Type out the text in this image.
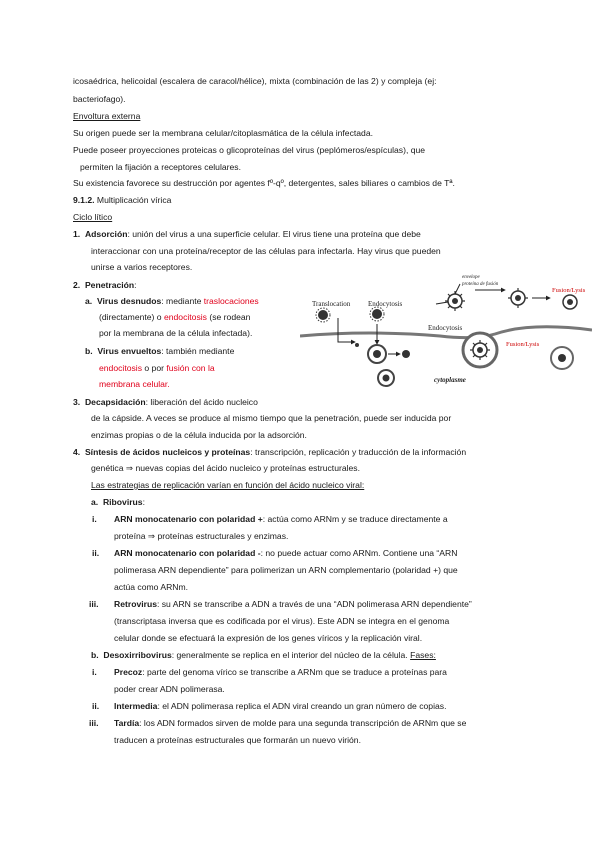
icosaédrica, helicoidal (escalera de caracol/hélice), mixta (combinación de las 2) y compleja (ej:
bacteriofago).
Envoltura externa
Su origen puede ser la membrana celular/citoplasmática de la célula infectada.
Puede poseer proyecciones proteicas o glicoproteínas del virus (peplómeros/espículas), que
permiten la fijación a receptores celulares.
Su existencia favorece su destrucción por agentes fº-qº, detergentes, sales biliares o cambios de Tª.
9.1.2. Multiplicación vírica
Ciclo lítico
1. Adsorción: unión del virus a una superficie celular. El virus tiene una proteína que debe
interaccionar con una proteína/receptor de las células para infectarla. Hay virus que pueden
unirse a varios receptores.
2. Penetración:
a. Virus desnudos: mediante traslocaciones
(directamente) o endocitosis (se rodean
por la membrana de la célula infectada).
b. Virus envueltos: también mediante
endocitosis o por fusión con la
membrana celular.
Translocation	Endocytosis
Endocytosis
envelope
proteína de fusión
Fusion/Lysis
Fusion/Lysis
cytoplasme
3. Decapsidación: liberación del ácido nucleico
de la cápside. A veces se produce al mismo tiempo que la penetración, puede ser inducida por
enzimas propias o de la célula inducida por la adsorción.
4. Síntesis de ácidos nucleicos y proteínas: transcripción, replicación y traducción de la información
genética ⇒ nuevas copias del ácido nucleico y proteínas estructurales.
Las estrategias de replicación varían en función del ácido nucleico viral:
a. Ribovirus:
i. ARN monocatenario con polaridad +: actúa como ARNm y se traduce directamente a
proteína ⇒ proteínas estructurales y enzimas.
ii. ARN monocatenario con polaridad -: no puede actuar como ARNm. Contiene una “ARN
polimerasa ARN dependiente” para polimerizan un ARN complementario (polaridad +) que
actúa como ARNm.
iii. Retrovirus: su ARN se transcribe a ADN a través de una “ADN polimerasa ARN dependiente”
(transcriptasa inversa que es codificada por el virus). Este ADN se integra en el genoma
celular donde se efectuará la expresión de los genes víricos y la replicación viral.
b. Desoxirribovirus: generalmente se replica en el interior del núcleo de la célula. Fases:
i. Precoz: parte del genoma vírico se transcribe a ARNm que se traduce a proteínas para
poder crear ADN polimerasa.
ii. Intermedia: el ADN polimerasa replica el ADN viral creando un gran número de copias.
iii. Tardía: los ADN formados sirven de molde para una segunda transcripción de ARNm que se
traducen a proteínas estructurales que formarán un nuevo virión.
